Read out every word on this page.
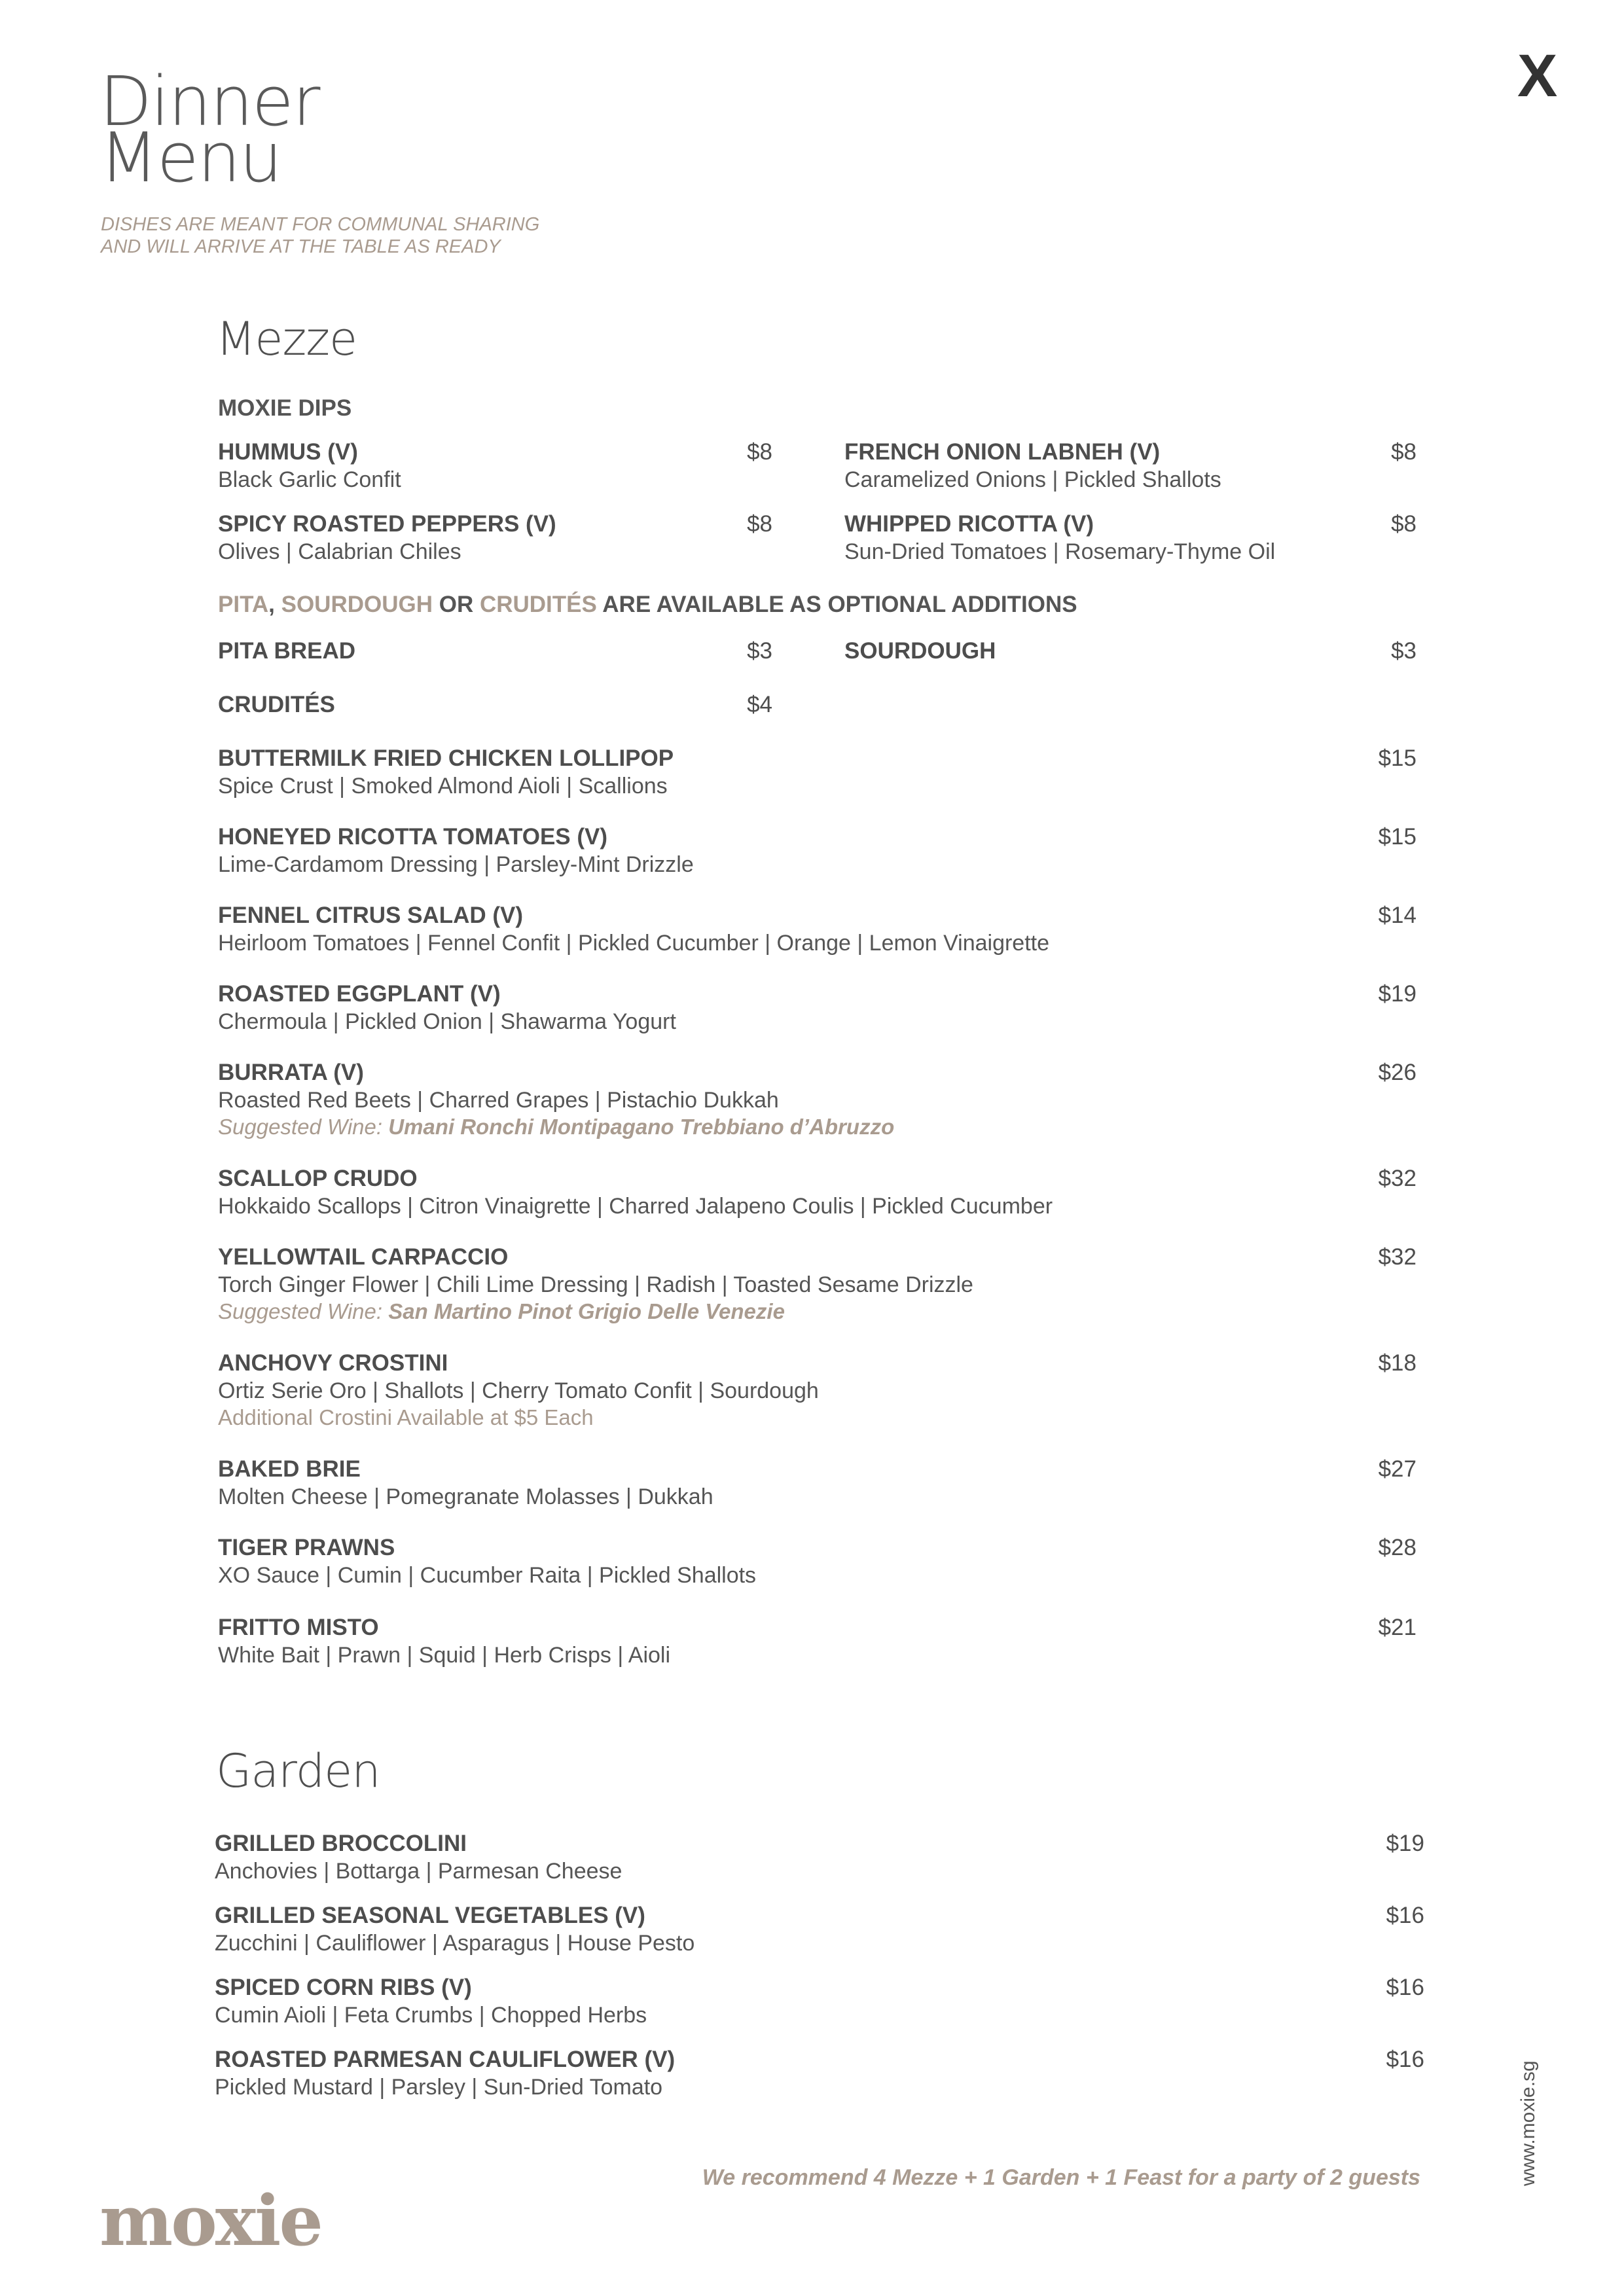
Dinner
Menu
DISHES ARE MEANT FOR COMMUNAL SHARING
AND WILL ARRIVE AT THE TABLE AS READY
X
Mezze
MOXIE DIPS
HUMMUS (V)
Black Garlic Confit
$8	FRENCH ONION LABNEH (V)
Caramelized Onions | Pickled Shallots
$8
SPICY ROASTED PEPPERS (V)
Olives | Calabrian Chiles
$8	WHIPPED RICOTTA (V)
Sun-Dried Tomatoes | Rosemary-Thyme Oil
$8
PITA, SOURDOUGH OR CRUDITÉS ARE AVAILABLE AS OPTIONAL ADDITIONS
PITA BREAD	$3	SOURDOUGH	$3
CRUDITÉS	$4
BUTTERMILK FRIED CHICKEN LOLLIPOP
Spice Crust | Smoked Almond Aioli | Scallions
$15
HONEYED RICOTTA TOMATOES (V)
Lime-Cardamom Dressing | Parsley-Mint Drizzle
$15
FENNEL CITRUS SALAD (V)
Heirloom Tomatoes | Fennel Confit | Pickled Cucumber | Orange | Lemon Vinaigrette
$14
ROASTED EGGPLANT (V)
Chermoula | Pickled Onion | Shawarma Yogurt
$19
BURRATA (V)
Roasted Red Beets | Charred Grapes | Pistachio Dukkah
Suggested Wine: Umani Ronchi Montipagano Trebbiano d’Abruzzo
$26
SCALLOP CRUDO
Hokkaido Scallops | Citron Vinaigrette | Charred Jalapeno Coulis | Pickled Cucumber
$32
YELLOWTAIL CARPACCIO
Torch Ginger Flower | Chili Lime Dressing | Radish | Toasted Sesame Drizzle
Suggested Wine: San Martino Pinot Grigio Delle Venezie
$32
ANCHOVY CROSTINI
Ortiz Serie Oro | Shallots | Cherry Tomato Confit | Sourdough
Additional Crostini Available at $5 Each
$18
BAKED BRIE
Molten Cheese | Pomegranate Molasses | Dukkah
$27
TIGER PRAWNS
XO Sauce | Cumin | Cucumber Raita | Pickled Shallots
$28
FRITTO MISTO
White Bait | Prawn | Squid | Herb Crisps | Aioli
$21
Garden
GRILLED BROCCOLINI
Anchovies | Bottarga | Parmesan Cheese
$19
GRILLED SEASONAL VEGETABLES (V)
Zucchini | Cauliflower | Asparagus | House Pesto
$16
SPICED CORN RIBS (V)
Cumin Aioli | Feta Crumbs | Chopped Herbs
$16
ROASTED PARMESAN CAULIFLOWER (V)
Pickled Mustard | Parsley | Sun-Dried Tomato
$16
We recommend 4 Mezze + 1 Garden + 1 Feast for a party of 2 guests	www.moxie.sg
moxie
